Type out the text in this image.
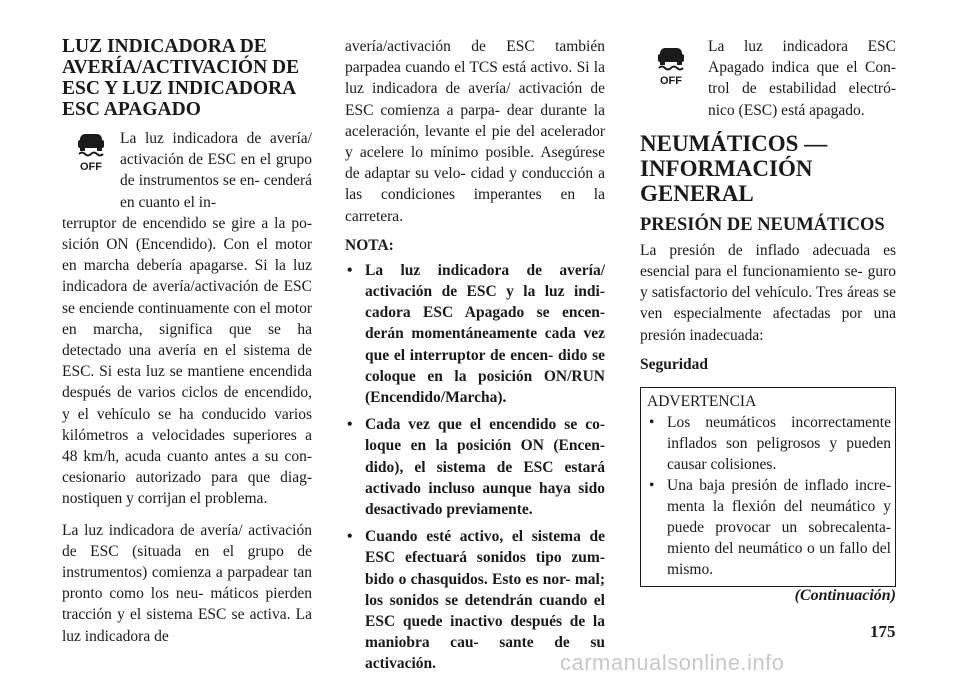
LUZ INDICADORA DE
AVERÍA/ACTIVACIÓN DE
ESC Y LUZ INDICADORA
ESC APAGADO
OFF

La luz indicadora de avería/ activación de ESC en el grupo de instrumentos se en- cenderá en cuanto el in-

terruptor de encendido se gire a la po- sición ON (Encendido). Con el motor en marcha debería apagarse. Si la luz indicadora de avería/activación de ESC se enciende continuamente con el motor en marcha, significa que se ha detectado una avería en el sistema de ESC. Si esta luz se mantiene encendida después de varios ciclos de encendido, y el vehículo se ha conducido varios kilómetros a velocidades superiores a 48 km/h, acuda cuanto antes a su con- cesionario autorizado para que diag- nostiquen y corrijan el problema.

La luz indicadora de avería/ activación de ESC (situada en el grupo de instrumentos) comienza a parpadear tan pronto como los neu- máticos pierden tracción y el sistema ESC se activa. La luz indicadora de

avería/activación de ESC también parpadea cuando el TCS está activo. Si la luz indicadora de avería/ activación de ESC comienza a parpa- dear durante la aceleración, levante el pie del acelerador y acelere lo mínimo posible. Asegúrese de adaptar su velo- cidad y conducción a las condiciones imperantes en la carretera.

NOTA:
• La luz indicadora de avería/ activación de ESC y la luz indi- cadora ESC Apagado se encen- derán momentáneamente cada vez que el interruptor de encen- dido se coloque en la posición ON/RUN (Encendido/Marcha).
• Cada vez que el encendido se co- loque en la posición ON (Encen- dido), el sistema de ESC estará activado incluso aunque haya sido desactivado previamente.
• Cuando esté activo, el sistema de ESC efectuará sonidos tipo zum- bido o chasquidos. Esto es nor- mal; los sonidos se detendrán cuando el ESC quede inactivo después de la maniobra cau- sante de su activación.
OFF

La luz indicadora ESC Apagado indica que el Con- trol de estabilidad electró- nico (ESC) está apagado.

NEUMÁTICOS —
INFORMACIÓN
GENERAL
PRESIÓN DE NEUMÁTICOS

La presión de inflado adecuada es esencial para el funcionamiento se- guro y satisfactorio del vehículo. Tres áreas se ven especialmente afectadas por una presión inadecuada:

Seguridad

ADVERTENCIA
• Los neumáticos incorrectamente inflados son peligrosos y pueden causar colisiones.
• Una baja presión de inflado incre- menta la flexión del neumático y puede provocar un sobrecalenta- miento del neumático o un fallo del mismo.
(Continuación)
175
carmanualsonline.info
